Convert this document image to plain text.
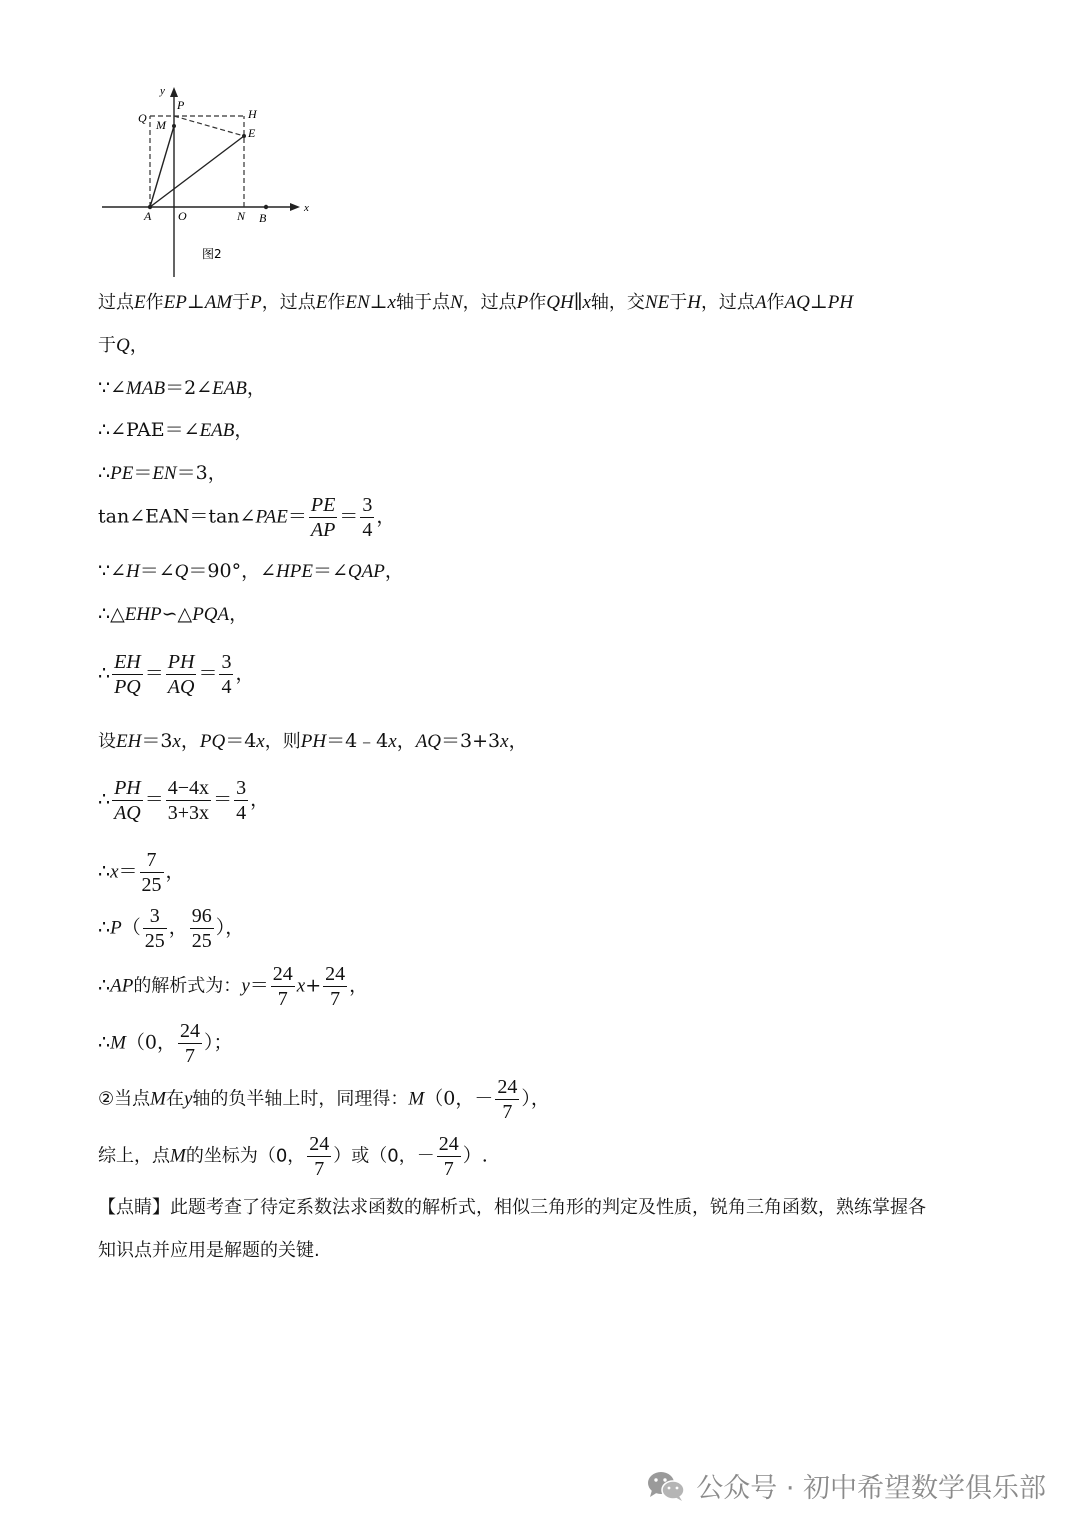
y
x
P
Q M
H
E
A O	N B
图2
过点E作EP⊥AM于P，过点E作EN⊥x轴于点N，过点P作QH∥x轴，交NE于H，过点A作AQ⊥PH
于Q，
∵∠MAB＝2∠EAB，
∴∠PAE＝∠EAB，
∴PE＝EN＝3，
tan∠EAN＝tan∠PAE＝ $\frac{PE}{AP} = \frac{3}{4}$ ，
∵∠H＝∠Q＝90°，∠HPE＝∠QAP，
∴△EHP∽△PQA，
∴ $\frac{EH}{PQ} = \frac{PH}{AQ} = \frac{3}{4}$ ，
设EH＝3x，PQ＝4x，则PH＝4﹣4x，AQ＝3+3x，
∴ $\frac{PH}{AQ} = \frac{4-4x}{3+3x} = \frac{3}{4}$ ，
∴x＝ $\frac{7}{25}$ ，
∴P（ $\frac{3}{25}$ ， $\frac{96}{25}$ ），
∴AP的解析式为：$y= \frac{24}{7} x+ \frac{24}{7}$ ，
∴M（0， $\frac{24}{7}$ ）；
②当点M在y轴的负半轴上时，同理得：M（0，－ $\frac{24}{7}$ ），
综上，点M的坐标为（0， $\frac{24}{7}$ ）或（0，－ $\frac{24}{7}$ ）.
【点睛】此题考查了待定系数法求函数的解析式，相似三角形的判定及性质，锐角三角函数，熟练掌握各
知识点并应用是解题的关键.
公众号 · 初中希望数学俱乐部
